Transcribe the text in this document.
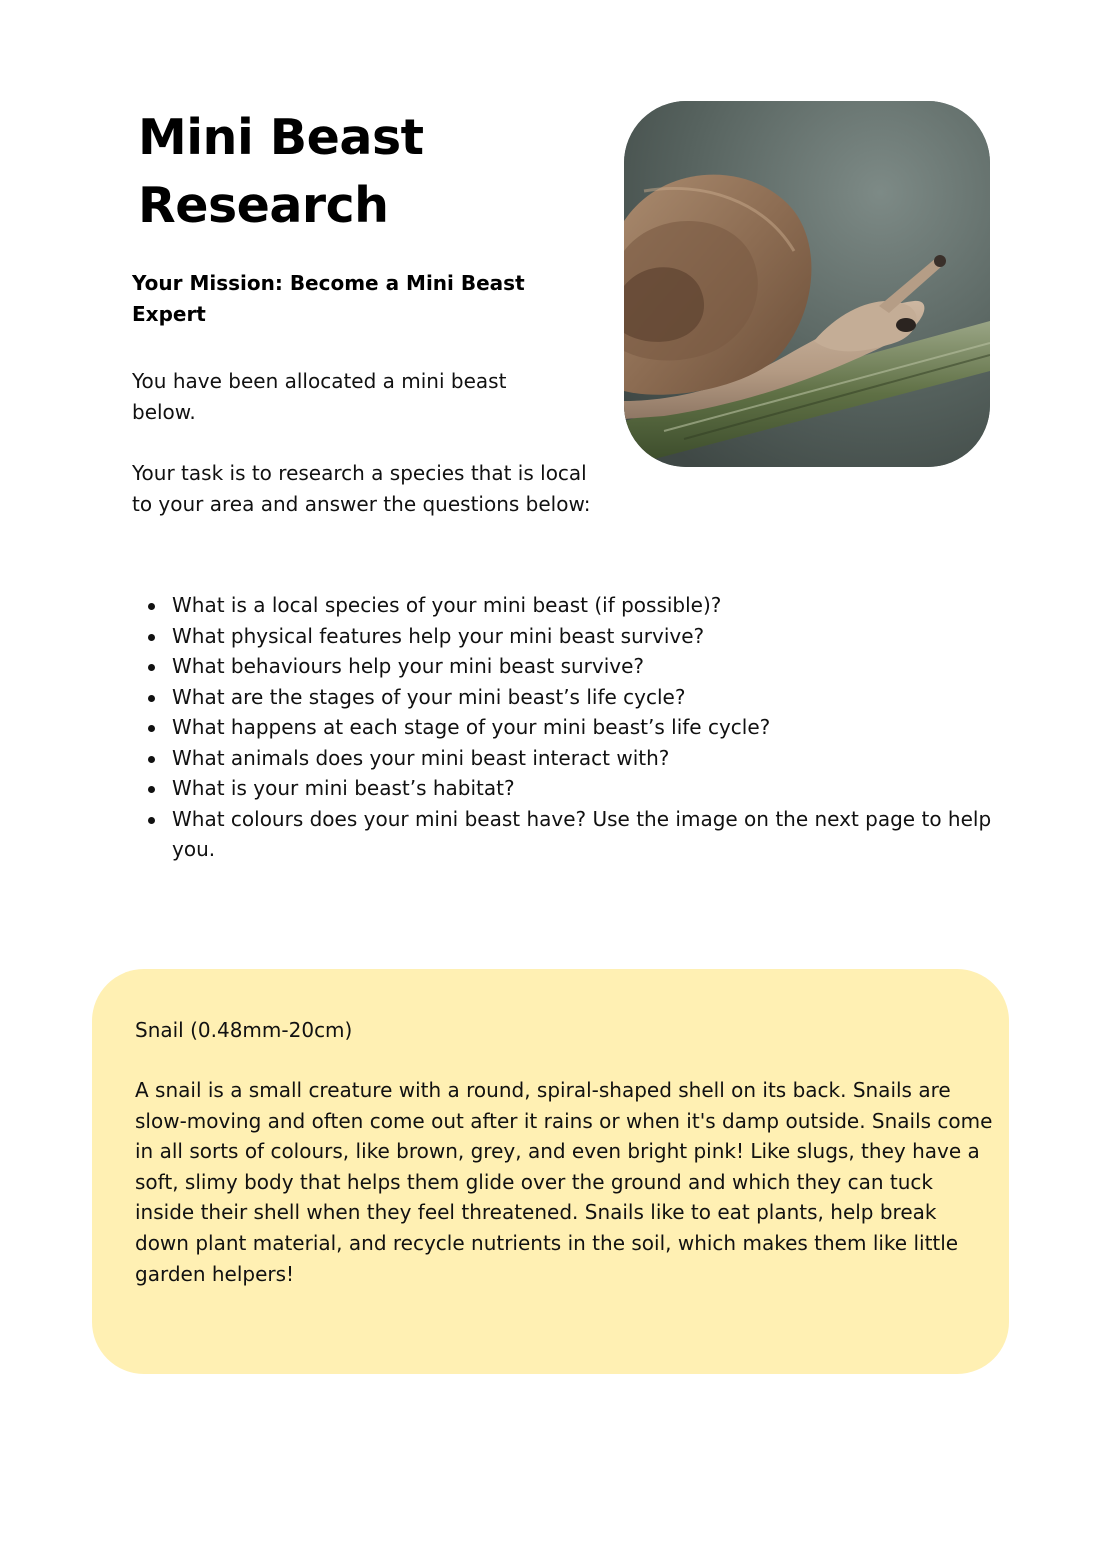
Mini Beast Research

Your Mission: Become a Mini Beast Expert

You have been allocated a mini beast below.

Your task is to research a species that is local to your area and answer the questions below:

What is a local species of your mini beast (if possible)?
What physical features help your mini beast survive?
What behaviours help your mini beast survive?
What are the stages of your mini beast’s life cycle?
What happens at each stage of your mini beast’s life cycle?
What animals does your mini beast interact with?
What is your mini beast’s habitat?
What colours does your mini beast have? Use the image on the next page to help you.

Snail (0.48mm-20cm)

A snail is a small creature with a round, spiral-shaped shell on its back. Snails are slow-moving and often come out after it rains or when it's damp outside. Snails come in all sorts of colours, like brown, grey, and even bright pink! Like slugs, they have a soft, slimy body that helps them glide over the ground and which they can tuck inside their shell when they feel threatened. Snails like to eat plants, help break down plant material, and recycle nutrients in the soil, which makes them like little garden helpers!
